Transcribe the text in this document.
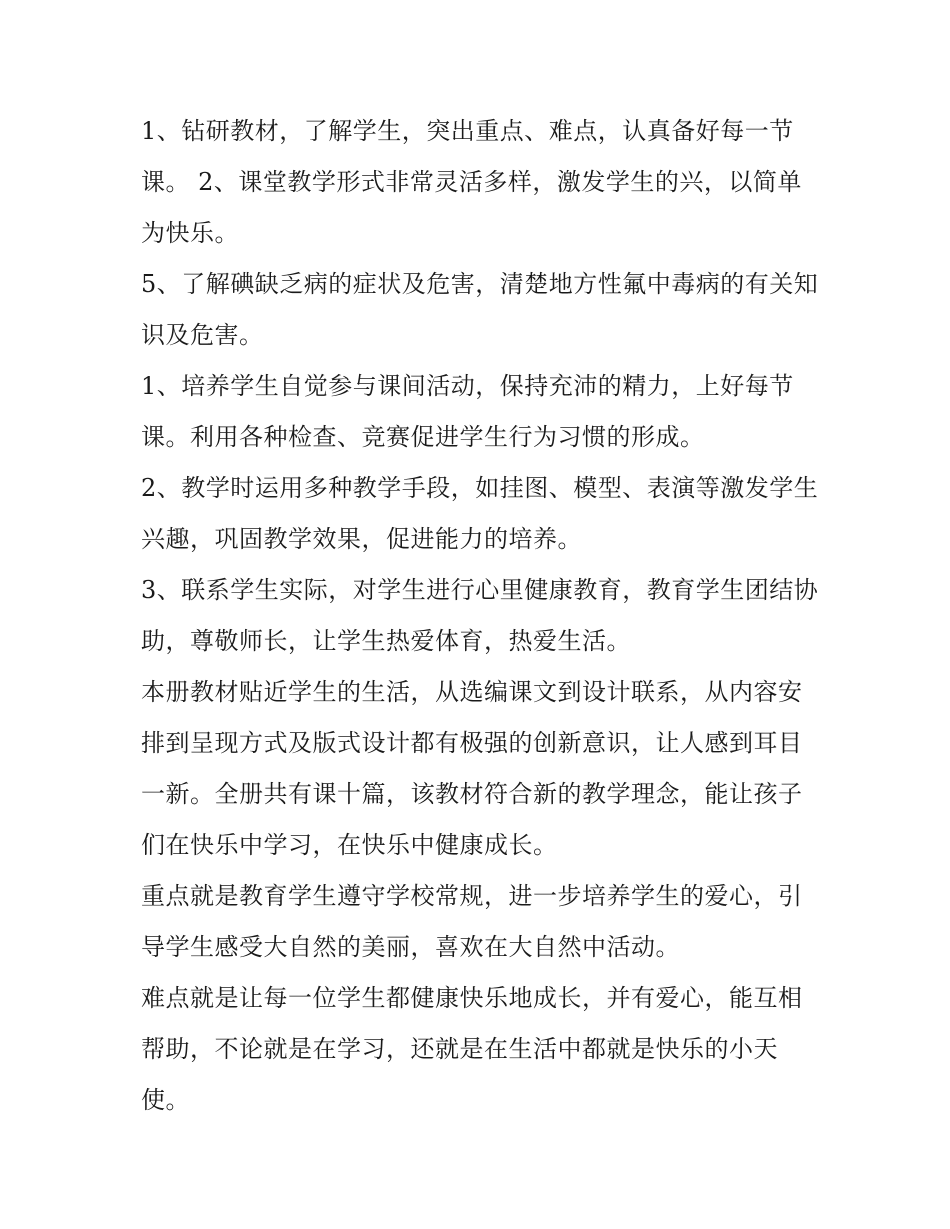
1、钻研教材，了解学生，突出重点、难点，认真备好每一节课。 2、课堂教学形式非常灵活多样，激发学生的兴，以简单为快乐。

5、了解碘缺乏病的症状及危害，清楚地方性氟中毒病的有关知识及危害。

1、培养学生自觉参与课间活动，保持充沛的精力，上好每节课。利用各种检查、竞赛促进学生行为习惯的形成。

2、教学时运用多种教学手段，如挂图、模型、表演等激发学生兴趣，巩固教学效果，促进能力的培养。

3、联系学生实际，对学生进行心里健康教育，教育学生团结协助，尊敬师长，让学生热爱体育，热爱生活。

本册教材贴近学生的生活，从选编课文到设计联系，从内容安排到呈现方式及版式设计都有极强的创新意识，让人感到耳目一新。全册共有课十篇，该教材符合新的教学理念，能让孩子们在快乐中学习，在快乐中健康成长。

重点就是教育学生遵守学校常规，进一步培养学生的爱心，引导学生感受大自然的美丽，喜欢在大自然中活动。

难点就是让每一位学生都健康快乐地成长，并有爱心，能互相帮助，不论就是在学习，还就是在生活中都就是快乐的小天使。
